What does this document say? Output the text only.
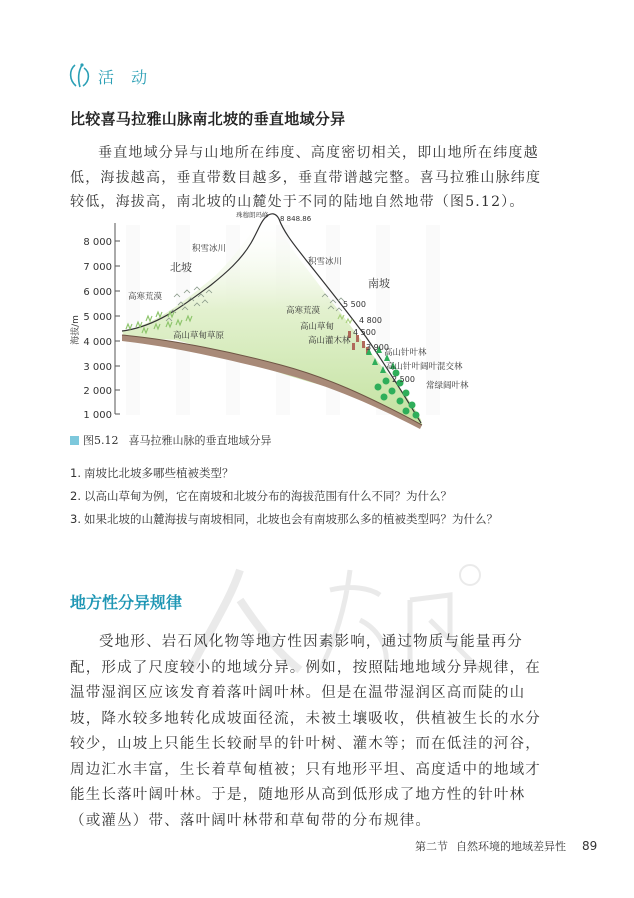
活 动
比较喜马拉雅山脉南北坡的垂直地域分异
垂直地域分异与山地所在纬度、高度密切相关，即山地所在纬度越低，海拔越高，垂直带数目越多，垂直带谱越完整。喜马拉雅山脉纬度较低，海拔高，南北坡的山麓处于不同的陆地自然地带（图5.12）。
8 000
7 000
6 000
5 000
4 000
3 000
2 000
1 000
海拔/m
珠穆朗玛峰 8 848.86
积雪冰川
北坡
高寒荒漠
高山草甸草原
积雪冰川
南坡
高寒荒漠
高山草甸
高山灌木林
高山针叶林
高山针叶阔叶混交林
常绿阔叶林
5 500
4 800
4 500
3 900
2 500
图5.12 喜马拉雅山脉的垂直地域分异
1. 南坡比北坡多哪些植被类型？
2. 以高山草甸为例，它在南坡和北坡分布的海拔范围有什么不同？为什么？
3. 如果北坡的山麓海拔与南坡相同，北坡也会有南坡那么多的植被类型吗？为什么？
地方性分异规律
受地形、岩石风化物等地方性因素影响，通过物质与能量再分配，形成了尺度较小的地域分异。例如，按照陆地地域分异规律，在温带湿润区应该发育着落叶阔叶林。但是在温带湿润区高而陡的山坡，降水较多地转化成坡面径流，未被土壤吸收，供植被生长的水分较少，山坡上只能生长较耐旱的针叶树、灌木等；而在低洼的河谷，周边汇水丰富，生长着草甸植被；只有地形平坦、高度适中的地域才能生长落叶阔叶林。于是，随地形从高到低形成了地方性的针叶林（或灌丛）带、落叶阔叶林带和草甸带的分布规律。
第二节 自然环境的地域差异性 89
